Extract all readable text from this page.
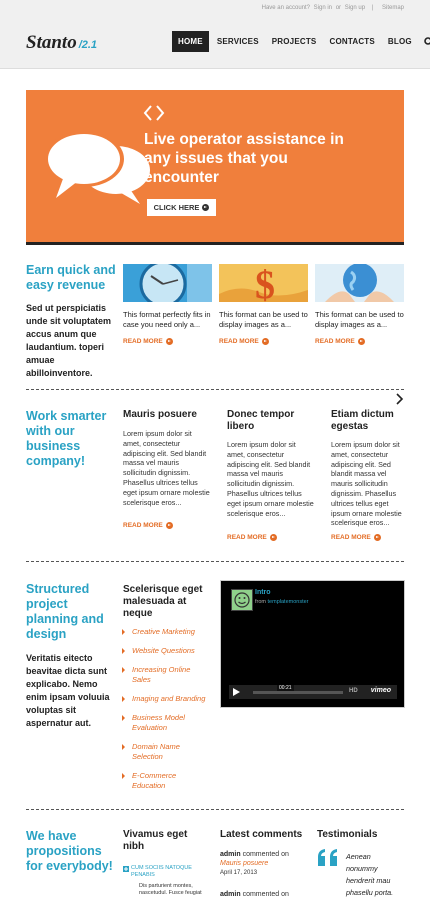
Have an account? Sign in or Sign up | Sitemap
Stanto /2.1	HOME	SERVICES	PROJECTS	CONTACTS	BLOG
Live operator assistance in any issues that you encounter
CLICK HERE
Earn quick and easy revenue
Sed ut perspiciatis unde sit voluptatem accus anum que laudantium. toperi amuae abilloinventore.
$
This format perfectly fits in case you need only a...
This format can be used to display images as a...
This format can be used to display images as a...
READ MORE	READ MORE	READ MORE
Work smarter with our business company!
Mauris posuere
Lorem ipsum dolor sit amet, consectetur adipiscing elit. Sed blandit massa vel mauris sollicitudin dignissim. Phasellus ultrices tellus eget ipsum ornare molestie scelerisque eros...
READ MORE
Donec tempor libero
Lorem ipsum dolor sit amet, consectetur adipiscing elit. Sed blandit massa vel mauris sollicitudin dignissim. Phasellus ultrices tellus eget ipsum ornare molestie scelerisque eros...
READ MORE
Etiam dictum egestas
Lorem ipsum dolor sit amet, consectetur adipiscing elit. Sed blandit massa vel mauris sollicitudin dignissim. Phasellus ultrices tellus eget ipsum ornare molestie scelerisque eros...
READ MORE
Structured project planning and design
Veritatis eitecto beavitae dicta sunt explicabo. Nemo enim ipsam voluuia voluptas sit aspernatur aut.
Scelerisque eget malesuada at neque
Creative Marketing
Website Questions
Increasing Online Sales
Imaging and Branding
Business Model Evaluation
Domain Name Selection
E-Commerce Education
Intro
from templatemonster
00:21	HD vimeo
We have propositions for everybody!
Vivamus eget nibh
CUM SOCIIS NATOQUE PENABIS
Dis parturient montes, nascetudul. Fusce feugiat
Latest comments
admin commented on
Mauris posuere
April 17, 2013
admin commented on
Testimonials
Aenean nonummy hendrerit mau phasellu porta.
